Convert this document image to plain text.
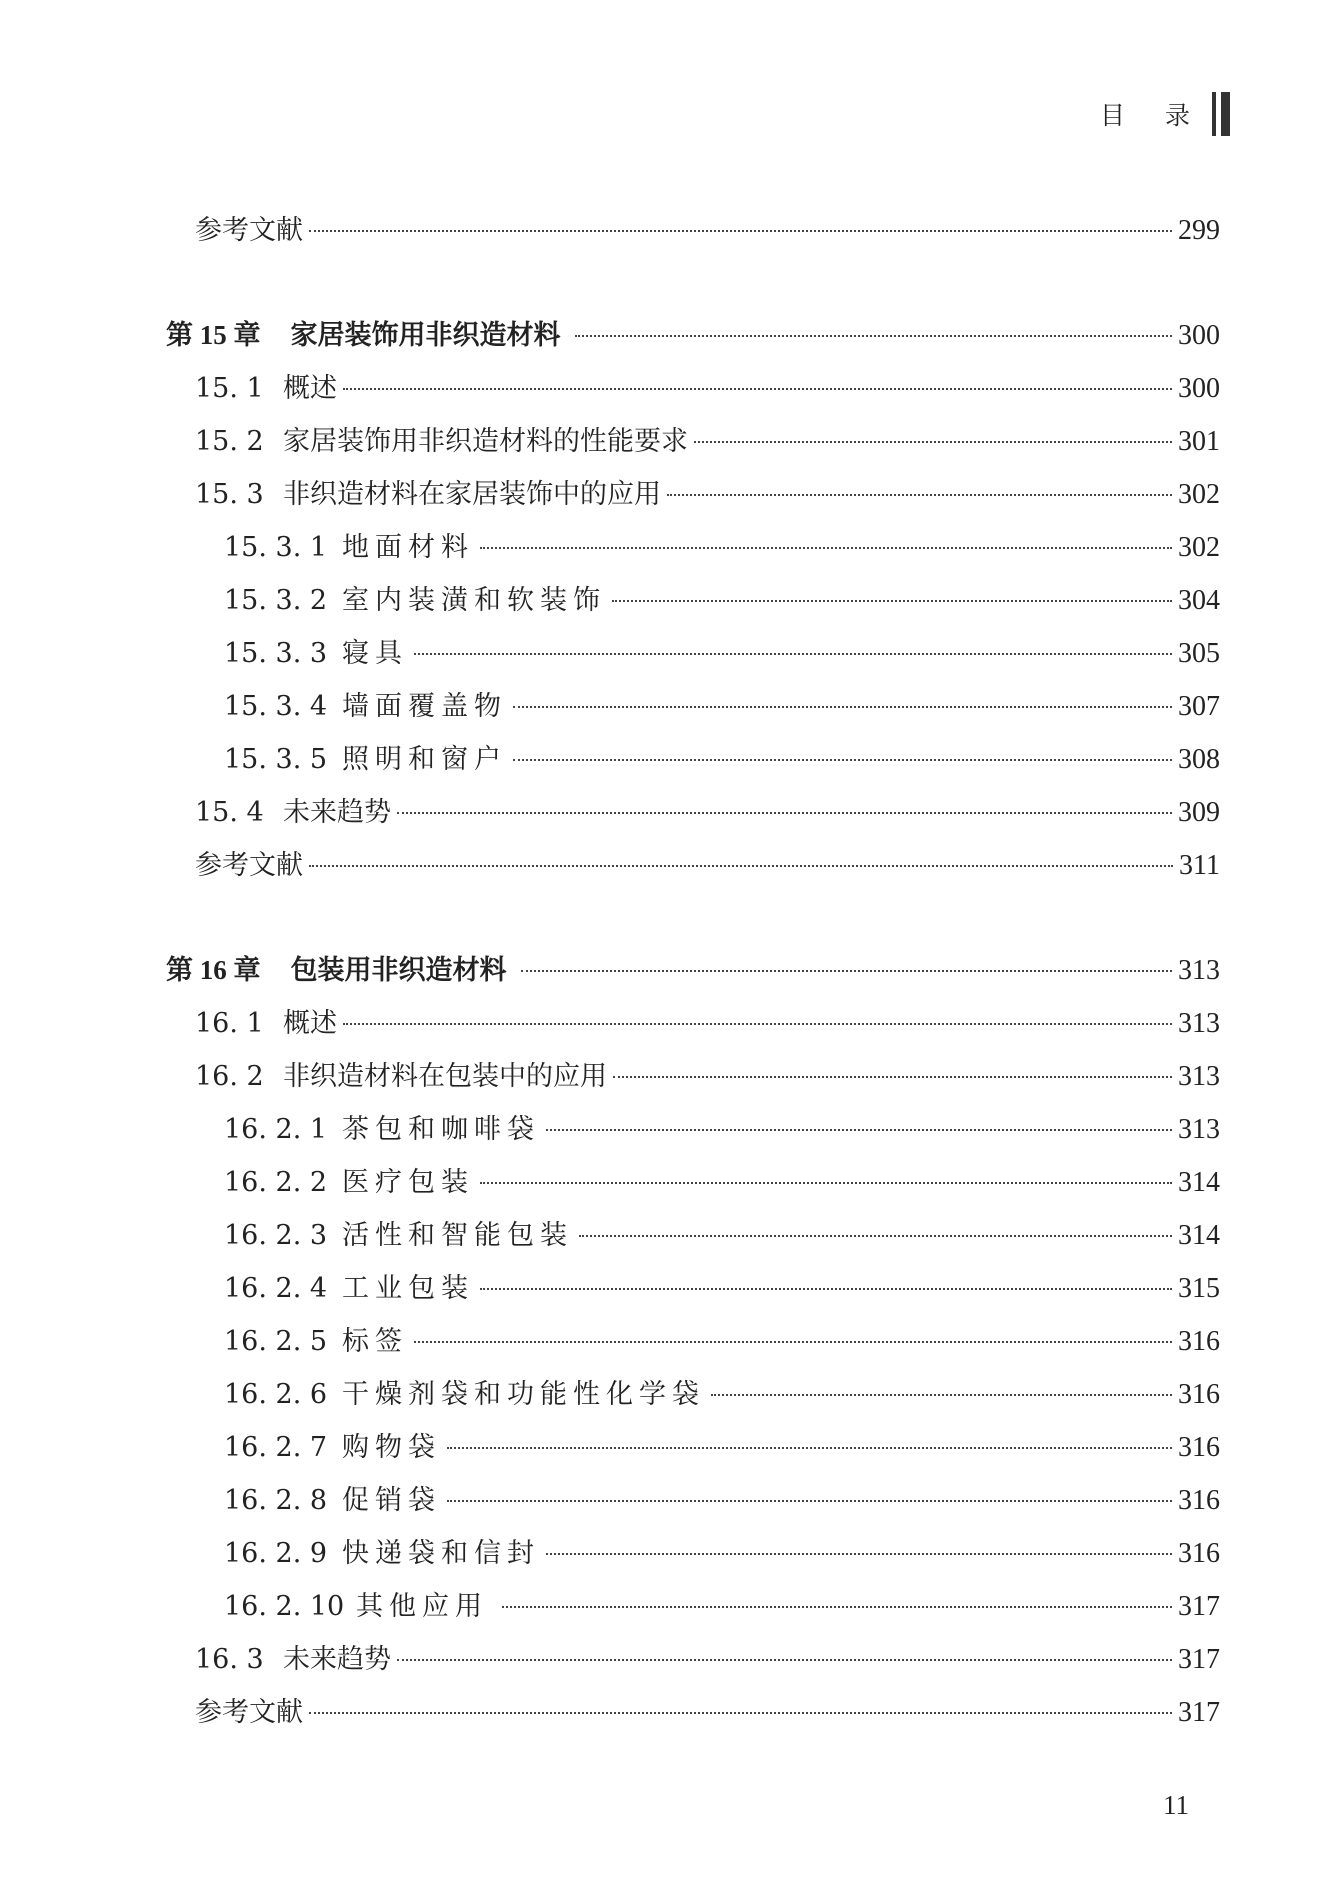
目 录
参考文献	299
第 15 章 家居装饰用非织造材料	300
15. 1 概述	300
15. 2 家居装饰用非织造材料的性能要求	301
15. 3 非织造材料在家居装饰中的应用	302
15. 3. 1 地面材料	302
15. 3. 2 室内装潢和软装饰	304
15. 3. 3 寝具	305
15. 3. 4 墙面覆盖物	307
15. 3. 5 照明和窗户	308
15. 4 未来趋势	309
参考文献	311
第 16 章 包装用非织造材料	313
16. 1 概述	313
16. 2 非织造材料在包装中的应用	313
16. 2. 1 茶包和咖啡袋	313
16. 2. 2 医疗包装	314
16. 2. 3 活性和智能包装	314
16. 2. 4 工业包装	315
16. 2. 5 标签	316
16. 2. 6 干燥剂袋和功能性化学袋	316
16. 2. 7 购物袋	316
16. 2. 8 促销袋	316
16. 2. 9 快递袋和信封	316
16. 2. 10 其他应用	317
16. 3 未来趋势	317
参考文献	317
11
